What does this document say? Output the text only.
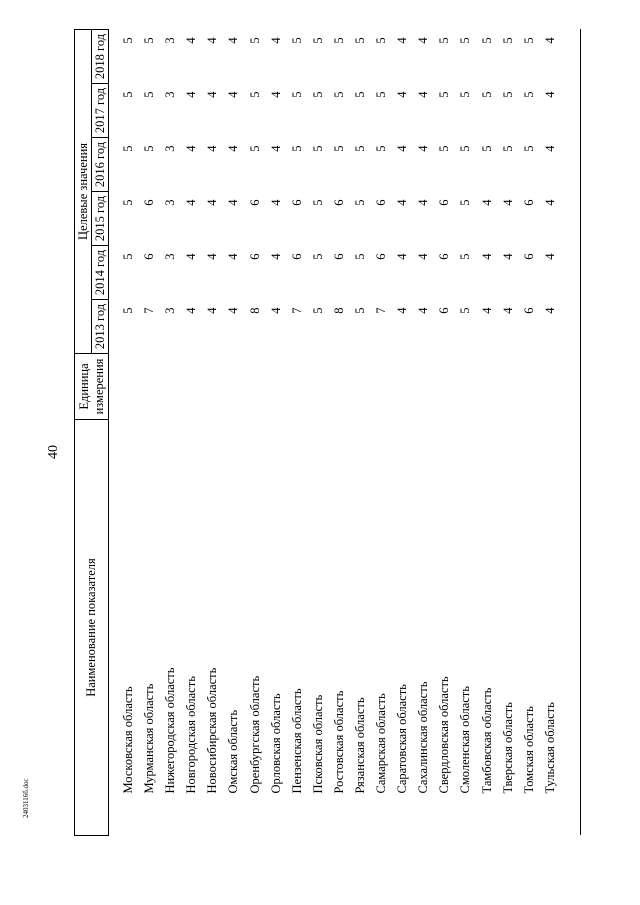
40
Наименование показателя	Единица измерения	Целевые значения					
		2013 год	2014 год	2015 год	2016 год	2017 год	2018 год
Московская область		5	5	5	5	5	5
Мурманская область		7	6	6	5	5	5
Нижегородская область		3	3	3	3	3	3
Новгородская область		4	4	4	4	4	4
Новосибирская область		4	4	4	4	4	4
Омская область		4	4	4	4	4	4
Оренбургская область		8	6	6	5	5	5
Орловская область		4	4	4	4	4	4
Пензенская область		7	6	6	5	5	5
Псковская область		5	5	5	5	5	5
Ростовская область		8	6	6	5	5	5
Рязанская область		5	5	5	5	5	5
Самарская область		7	6	6	5	5	5
Саратовская область		4	4	4	4	4	4
Сахалинская область		4	4	4	4	4	4
Свердловская область		6	6	6	5	5	5
Смоленская область		5	5	5	5	5	5
Тамбовская область		4	4	4	5	5	5
Тверская область		4	4	4	5	5	5
Томская область		6	6	6	5	5	5
Тульская область		4	4	4	4	4	4
2403116б.doc
